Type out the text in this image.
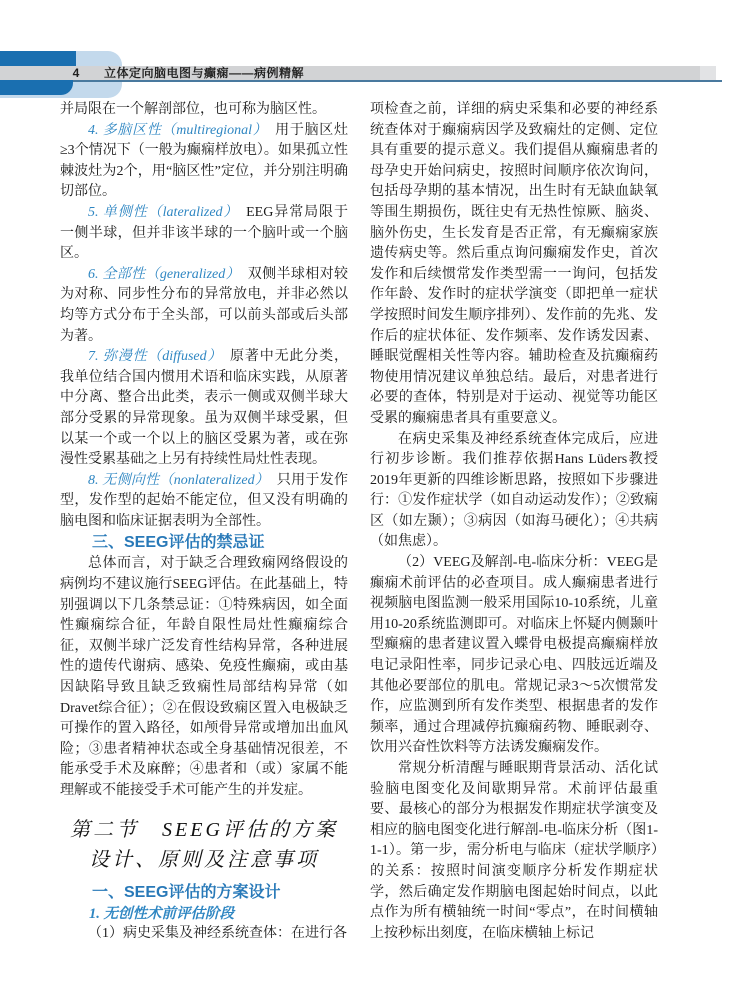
4	立体定向脑电图与癫痫——病例精解

并局限在一个解剖部位，也可称为脑区性。

4. 多脑区性（multiregional） 用于脑区灶≥3个情况下（一般为癫痫样放电）。如果孤立性棘波灶为2个，用“脑区性”定位，并分别注明确切部位。

5. 单侧性（lateralized） EEG异常局限于一侧半球，但并非该半球的一个脑叶或一个脑区。

6. 全部性（generalized） 双侧半球相对较为对称、同步性分布的异常放电，并非必然以均等方式分布于全头部，可以前头部或后头部为著。

7. 弥漫性（diffused） 原著中无此分类，我单位结合国内惯用术语和临床实践，从原著中分离、整合出此类，表示一侧或双侧半球大部分受累的异常现象。虽为双侧半球受累，但以某一个或一个以上的脑区受累为著，或在弥漫性受累基础之上另有持续性局灶性表现。

8. 无侧向性（nonlateralized） 只用于发作型，发作型的起始不能定位，但又没有明确的脑电图和临床证据表明为全部性。

三、SEEG评估的禁忌证

总体而言，对于缺乏合理致痫网络假设的病例均不建议施行SEEG评估。在此基础上，特别强调以下几条禁忌证：①特殊病因，如全面性癫痫综合征，年龄自限性局灶性癫痫综合征，双侧半球广泛发育性结构异常，各种进展性的遗传代谢病、感染、免疫性癫痫，或由基因缺陷导致且缺乏致痫性局部结构异常（如Dravet综合征）；②在假设致痫区置入电极缺乏可操作的置入路径，如颅骨异常或增加出血风险；③患者精神状态或全身基础情况很差，不能承受手术及麻醉；④患者和（或）家属不能理解或不能接受手术可能产生的并发症。

第二节　SEEG评估的方案

设计、原则及注意事项

一、SEEG评估的方案设计

1. 无创性术前评估阶段

（1）病史采集及神经系统查体：在进行各

项检查之前，详细的病史采集和必要的神经系统查体对于癫痫病因学及致痫灶的定侧、定位具有重要的提示意义。我们提倡从癫痫患者的母孕史开始问病史，按照时间顺序依次询问，包括母孕期的基本情况，出生时有无缺血缺氧等围生期损伤，既往史有无热性惊厥、脑炎、脑外伤史，生长发育是否正常，有无癫痫家族遗传病史等。然后重点询问癫痫发作史，首次发作和后续惯常发作类型需一一询问，包括发作年龄、发作时的症状学演变（即把单一症状学按照时间发生顺序排列）、发作前的先兆、发作后的症状体征、发作频率、发作诱发因素、睡眠觉醒相关性等内容。辅助检查及抗癫痫药物使用情况建议单独总结。最后，对患者进行必要的查体，特别是对于运动、视觉等功能区受累的癫痫患者具有重要意义。

在病史采集及神经系统查体完成后，应进行初步诊断。我们推荐依据Hans Lüders教授2019年更新的四维诊断思路，按照如下步骤进行：①发作症状学（如自动运动发作）；②致痫区（如左颞）；③病因（如海马硬化）；④共病（如焦虑）。

（2）VEEG及解剖-电-临床分析：VEEG是癫痫术前评估的必查项目。成人癫痫患者进行视频脑电图监测一般采用国际10-10系统，儿童用10-20系统监测即可。对临床上怀疑内侧颞叶型癫痫的患者建议置入蝶骨电极提高癫痫样放电记录阳性率，同步记录心电、四肢远近端及其他必要部位的肌电。常规记录3～5次惯常发作，应监测到所有发作类型、根据患者的发作频率，通过合理减停抗癫痫药物、睡眠剥夺、饮用兴奋性饮料等方法诱发癫痫发作。

常规分析清醒与睡眠期背景活动、活化试验脑电图变化及间歇期异常。术前评估最重要、最核心的部分为根据发作期症状学演变及相应的脑电图变化进行解剖-电-临床分析（图1-1-1）。第一步，需分析电与临床（症状学顺序）的关系：按照时间演变顺序分析发作期症状学，然后确定发作期脑电图起始时间点，以此点作为所有横轴统一时间“零点”，在时间横轴上按秒标出刻度，在临床横轴上标记
